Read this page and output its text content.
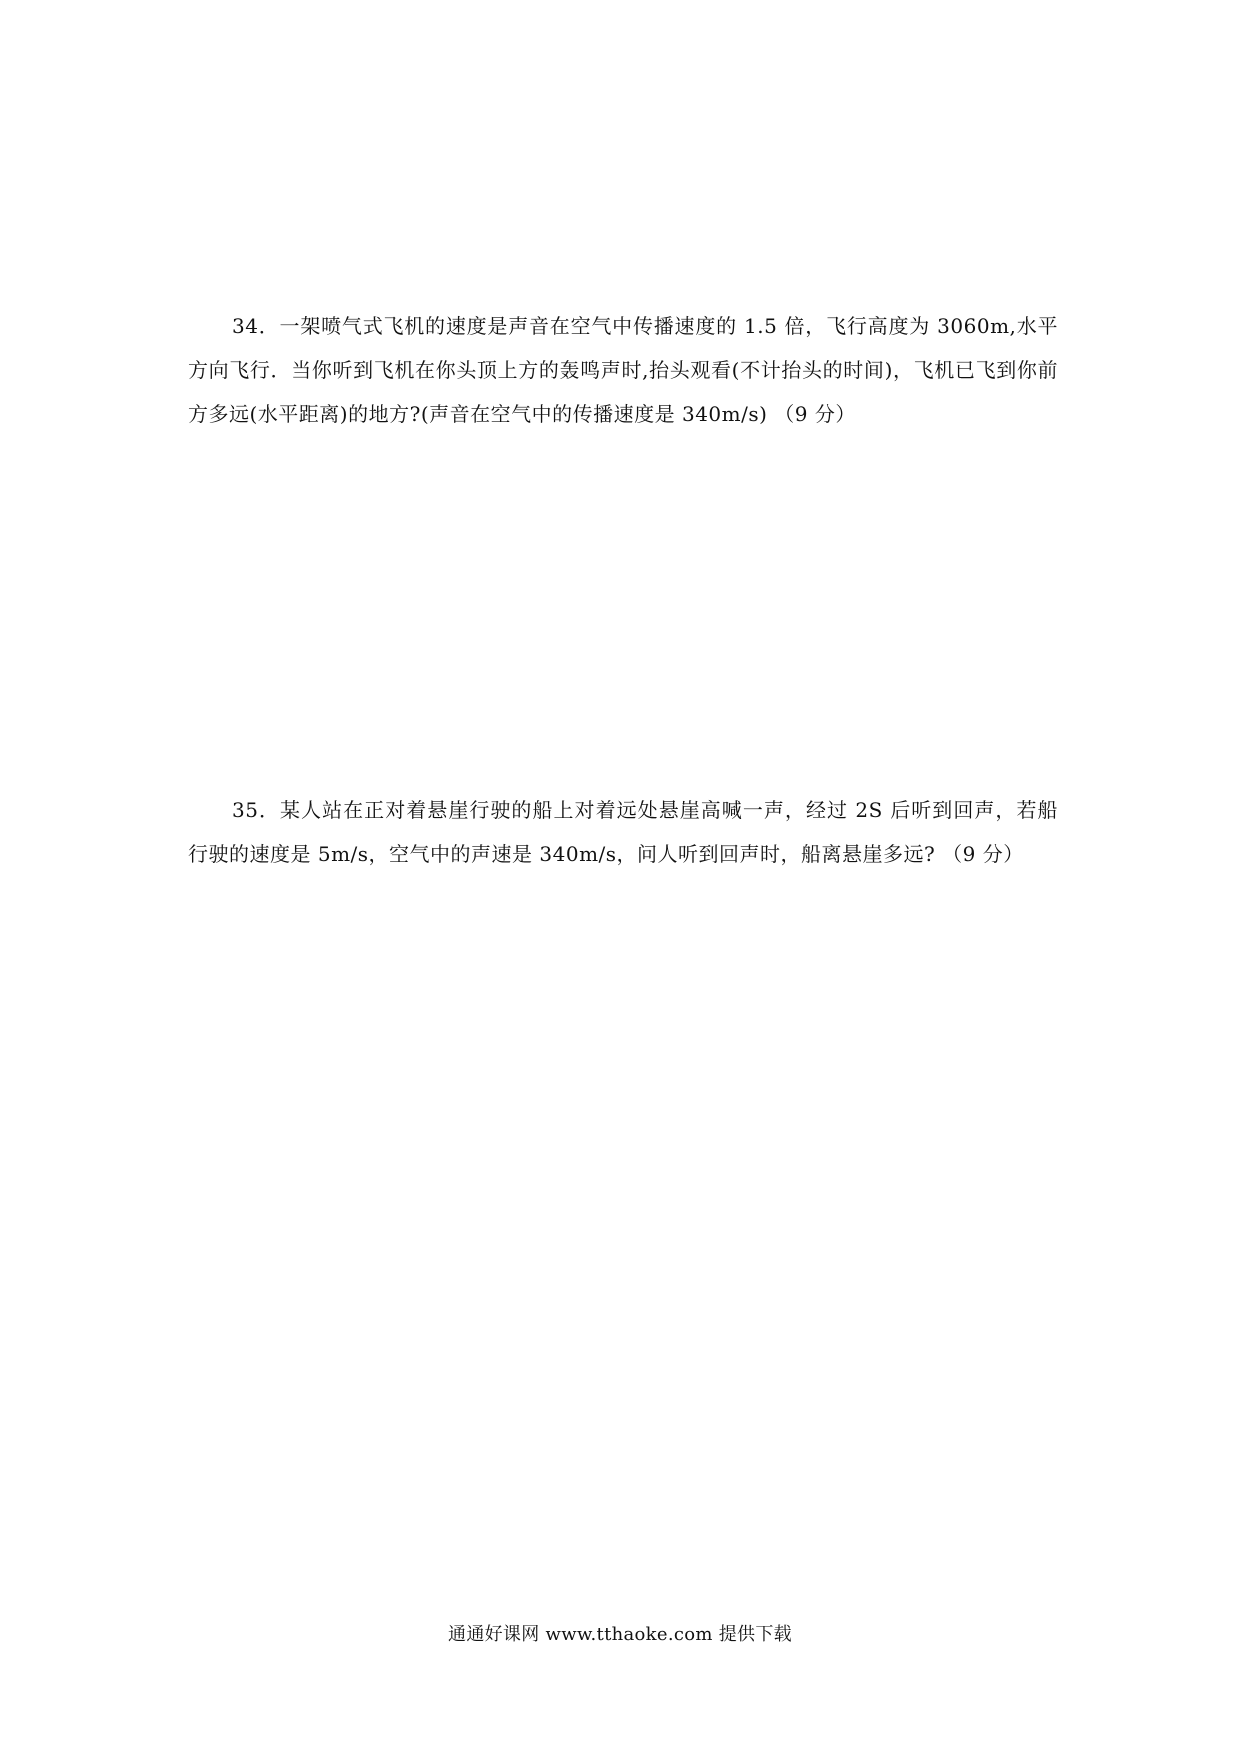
34．一架喷气式飞机的速度是声音在空气中传播速度的 1.5 倍，飞行高度为 3060m,水平方向飞行．当你听到飞机在你头顶上方的轰鸣声时,抬头观看(不计抬头的时间)，飞机已飞到你前方多远(水平距离)的地方?(声音在空气中的传播速度是 340m/s) （9 分）

35．某人站在正对着悬崖行驶的船上对着远处悬崖高喊一声，经过 2S 后听到回声，若船行驶的速度是 5m/s，空气中的声速是 340m/s，问人听到回声时，船离悬崖多远? （9 分）

通通好课网 www.tthaoke.com 提供下载
